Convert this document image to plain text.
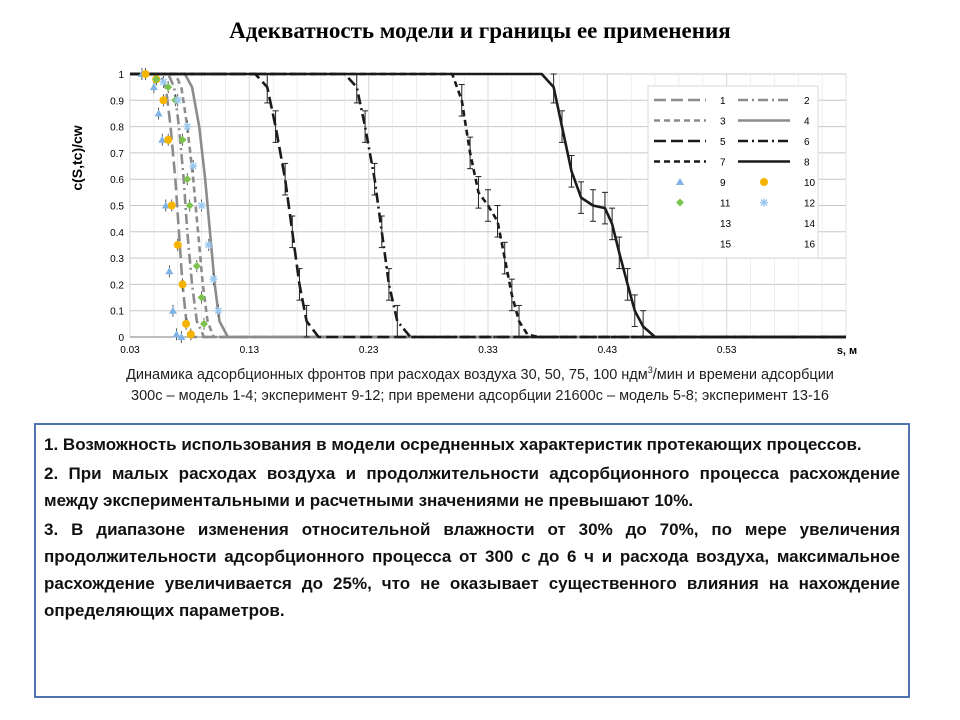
Адекватность модели и границы ее применения
0
0.1
0.2
0.3
0.4
0.5
0.6
0.7
0.8
0.9
1
0.03	0.13	0.23	0.33	0.43	0.53
1	2
3	4
5	6
7	8
9	10
11	12
13	14
15	16
c(S,tc)/cw
s, м
Динамика адсорбционных фронтов при расходах воздуха 30, 50, 75, 100 ндм$^3$/мин и времени адсорбции
300с – модель 1-4; эксперимент 9-12; при времени адсорбции 21600с – модель 5-8; эксперимент 13-16

1. Возможность использования в модели осредненных характеристик протекающих процессов.

2. При малых расходах воздуха и продолжительности адсорбционного процесса расхождение между экспериментальными и расчетными значениями не превышают 10%.

3. В диапазоне изменения относительной влажности от 30% до 70%, по мере увеличения продолжительности адсорбционного процесса от 300 с до 6 ч и расхода воздуха, максимальное расхождение увеличивается до 25%, что не оказывает существенного влияния на нахождение определяющих параметров.
